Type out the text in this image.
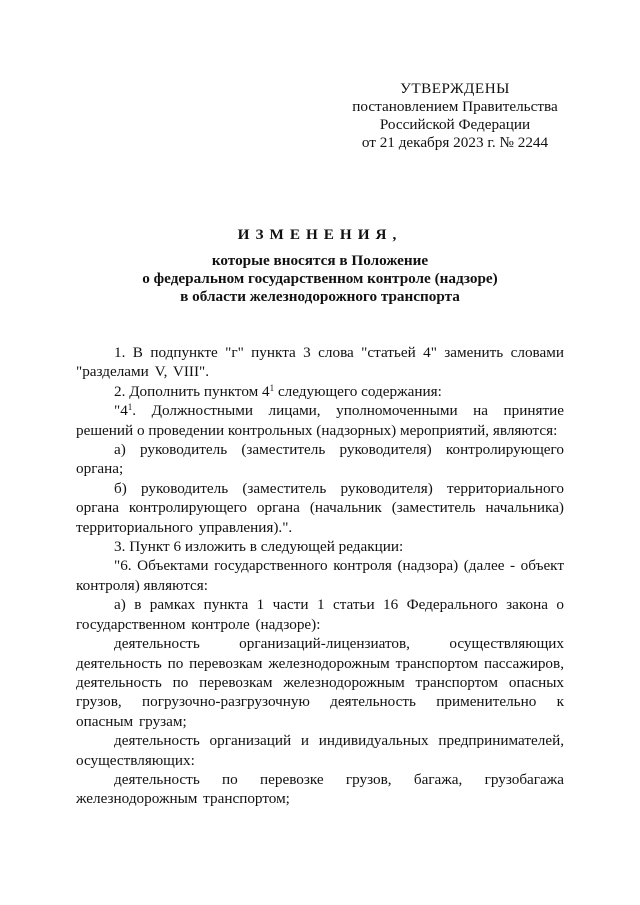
УТВЕРЖДЕНЫ
постановлением Правительства
Российской Федерации
от 21 декабря 2023 г. № 2244
ИЗМЕНЕНИЯ,
которые вносятся в Положение
о федеральном государственном контроле (надзоре)
в области железнодорожного транспорта

1. В подпункте "г" пункта 3 слова "статьей 4" заменить словами "разделами V, VIII".

2. Дополнить пунктом $4^1$ следующего содержания:

"$4^1$. Должностными лицами, уполномоченными на принятие решений о проведении контрольных (надзорных) мероприятий, являются:

а) руководитель (заместитель руководителя) контролирующего органа;

б) руководитель (заместитель руководителя) территориального органа контролирующего органа (начальник (заместитель начальника) территориального управления).".

3. Пункт 6 изложить в следующей редакции:

"6. Объектами государственного контроля (надзора) (далее - объект контроля) являются:

а) в рамках пункта 1 части 1 статьи 16 Федерального закона о государственном контроле (надзоре):

деятельность организаций-лицензиатов, осуществляющих деятельность по перевозкам железнодорожным транспортом пассажиров, деятельность по перевозкам железнодорожным транспортом опасных грузов, погрузочно-разгрузочную деятельность применительно к опасным грузам;

деятельность организаций и индивидуальных предпринимателей, осуществляющих:

деятельность по перевозке грузов, багажа, грузобагажа железнодорожным транспортом;
